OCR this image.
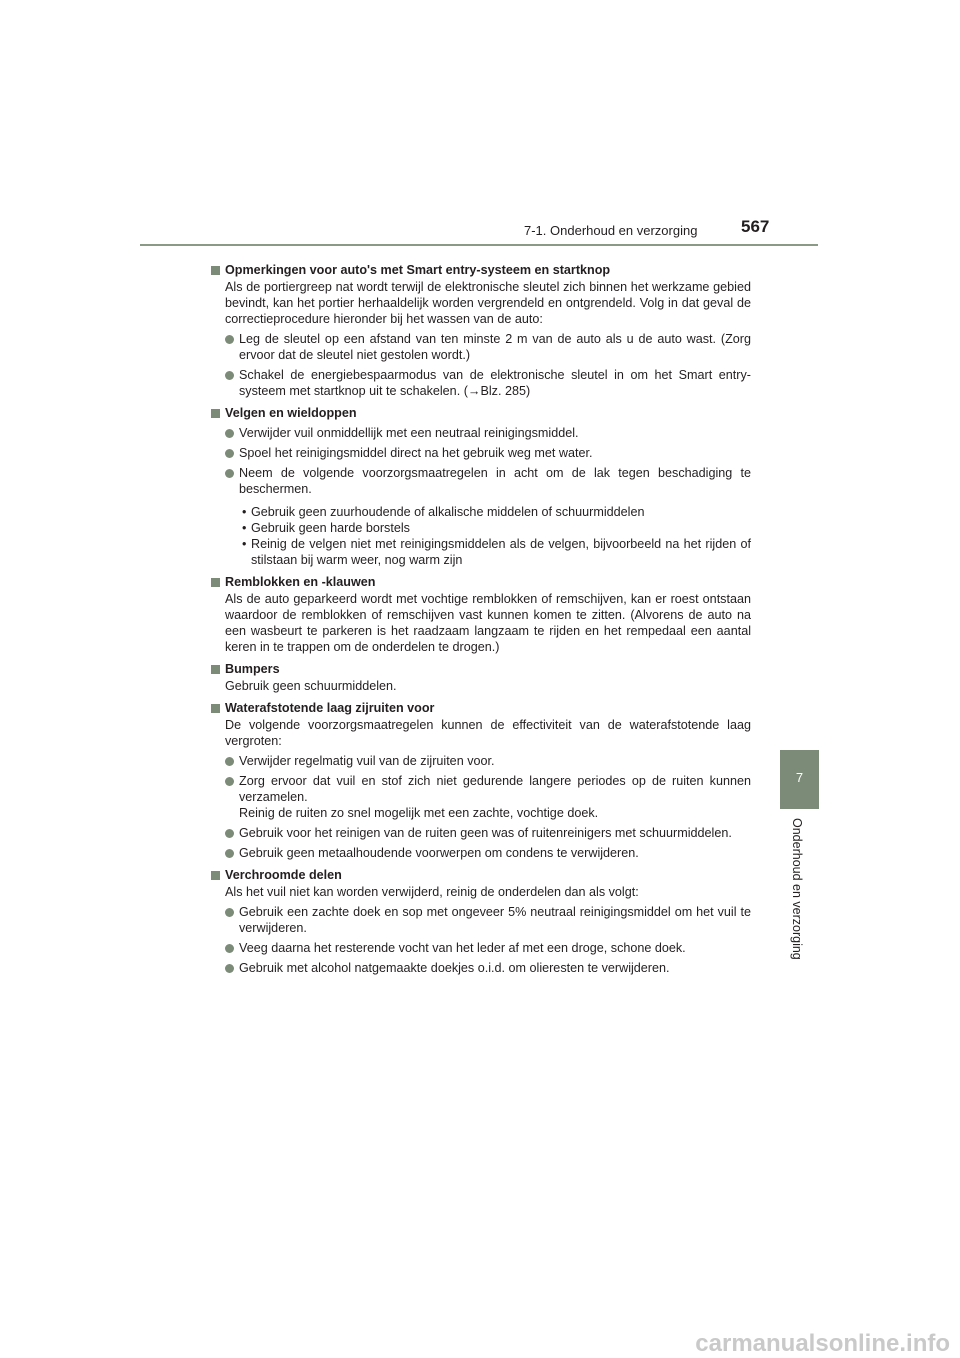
7-1. Onderhoud en verzorging	567
7
Onderhoud en verzorging
Opmerkingen voor auto's met Smart entry-systeem en startknop
Als de portiergreep nat wordt terwijl de elektronische sleutel zich binnen het werkzame gebied bevindt, kan het portier herhaaldelijk worden vergrendeld en ontgrendeld. Volg in dat geval de correctieprocedure hieronder bij het wassen van de auto:
Leg de sleutel op een afstand van ten minste 2 m van de auto als u de auto wast. (Zorg ervoor dat de sleutel niet gestolen wordt.)
Schakel de energiebespaarmodus van de elektronische sleutel in om het Smart entry-systeem met startknop uit te schakelen. (→Blz. 285)
Velgen en wieldoppen
Verwijder vuil onmiddellijk met een neutraal reinigingsmiddel.
Spoel het reinigingsmiddel direct na het gebruik weg met water.
Neem de volgende voorzorgsmaatregelen in acht om de lak tegen beschadiging te beschermen.
• Gebruik geen zuurhoudende of alkalische middelen of schuurmiddelen
• Gebruik geen harde borstels
• Reinig de velgen niet met reinigingsmiddelen als de velgen, bijvoorbeeld na het rijden of stilstaan bij warm weer, nog warm zijn
Remblokken en -klauwen
Als de auto geparkeerd wordt met vochtige remblokken of remschijven, kan er roest ontstaan waardoor de remblokken of remschijven vast kunnen komen te zitten. (Alvorens de auto na een wasbeurt te parkeren is het raadzaam langzaam te rijden en het rempedaal een aantal keren in te trappen om de onderdelen te drogen.)
Bumpers
Gebruik geen schuurmiddelen.
Waterafstotende laag zijruiten voor
De volgende voorzorgsmaatregelen kunnen de effectiviteit van de waterafstotende laag vergroten:
Verwijder regelmatig vuil van de zijruiten voor.
Zorg ervoor dat vuil en stof zich niet gedurende langere periodes op de ruiten kunnen verzamelen.
Reinig de ruiten zo snel mogelijk met een zachte, vochtige doek.
Gebruik voor het reinigen van de ruiten geen was of ruitenreinigers met schuurmiddelen.
Gebruik geen metaalhoudende voorwerpen om condens te verwijderen.
Verchroomde delen
Als het vuil niet kan worden verwijderd, reinig de onderdelen dan als volgt:
Gebruik een zachte doek en sop met ongeveer 5% neutraal reinigingsmiddel om het vuil te verwijderen.
Veeg daarna het resterende vocht van het leder af met een droge, schone doek.
Gebruik met alcohol natgemaakte doekjes o.i.d. om olieresten te verwijderen.
carmanualsonline.info
